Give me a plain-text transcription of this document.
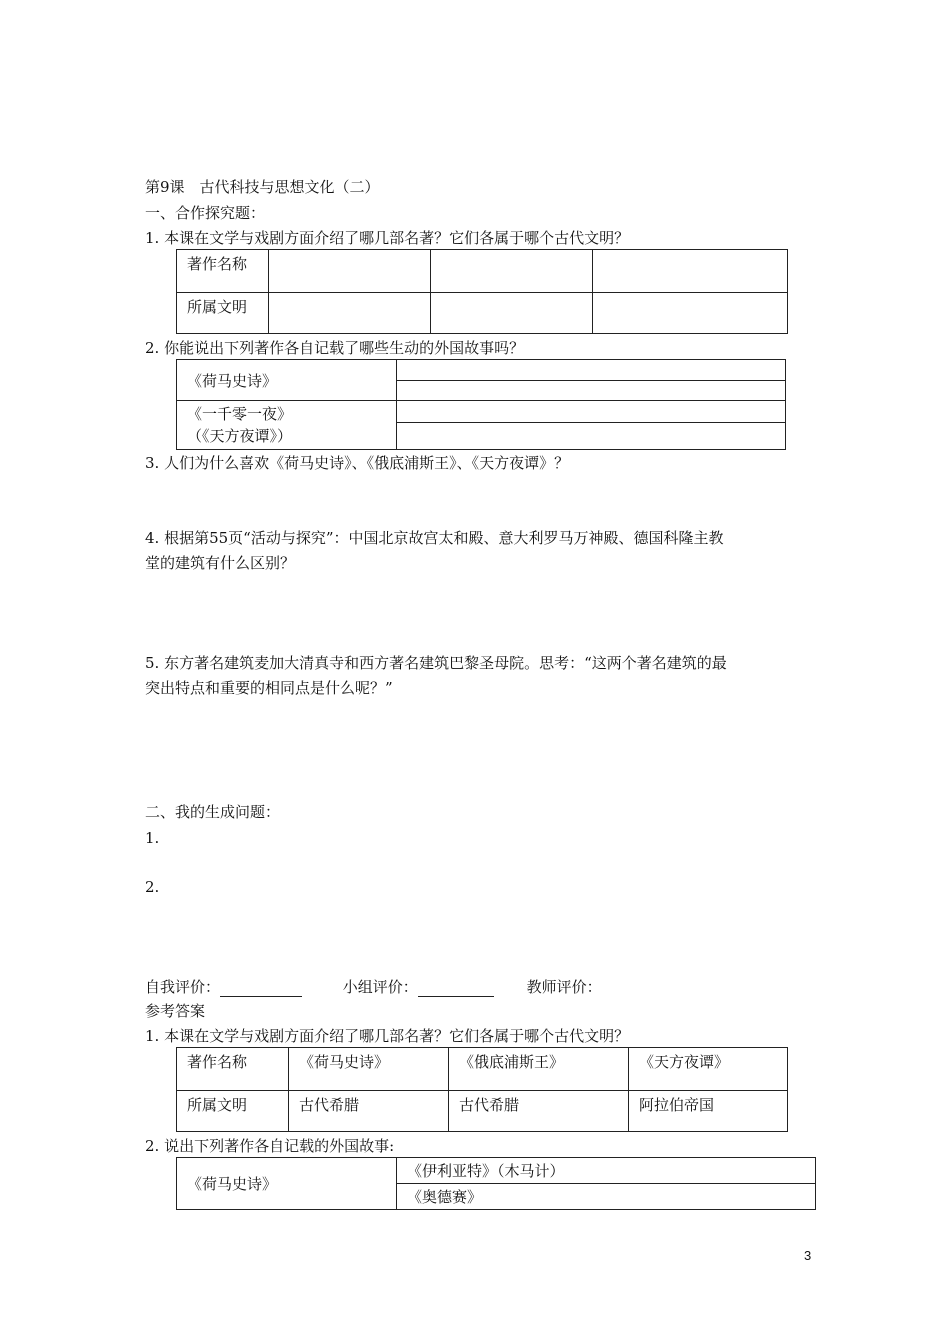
第9课　古代科技与思想文化（二）
一、合作探究题：
1. 本课在文学与戏剧方面介绍了哪几部名著？它们各属于哪个古代文明？
著作名称			
所属文明			
2. 你能说出下列著作各自记载了哪些生动的外国故事吗？
《荷马史诗》	

《一千零一夜》
（《天方夜谭》）	

3. 人们为什么喜欢《荷马史诗》、《俄底浦斯王》、《天方夜谭》？
4. 根据第55页“活动与探究”：中国北京故宫太和殿、意大利罗马万神殿、德国科隆主教
堂的建筑有什么区别？
5. 东方著名建筑麦加大清真寺和西方著名建筑巴黎圣母院。思考：“这两个著名建筑的最
突出特点和重要的相同点是什么呢？”
二、我的生成问题：
1.
2.
自我评价：	小组评价：	教师评价：
参考答案
1. 本课在文学与戏剧方面介绍了哪几部名著？它们各属于哪个古代文明？
著作名称	《荷马史诗》	《俄底浦斯王》	《天方夜谭》
所属文明	古代希腊	古代希腊	阿拉伯帝国
2. 说出下列著作各自记载的外国故事:
《荷马史诗》	《伊利亚特》（木马计）
《奥德赛》
3
